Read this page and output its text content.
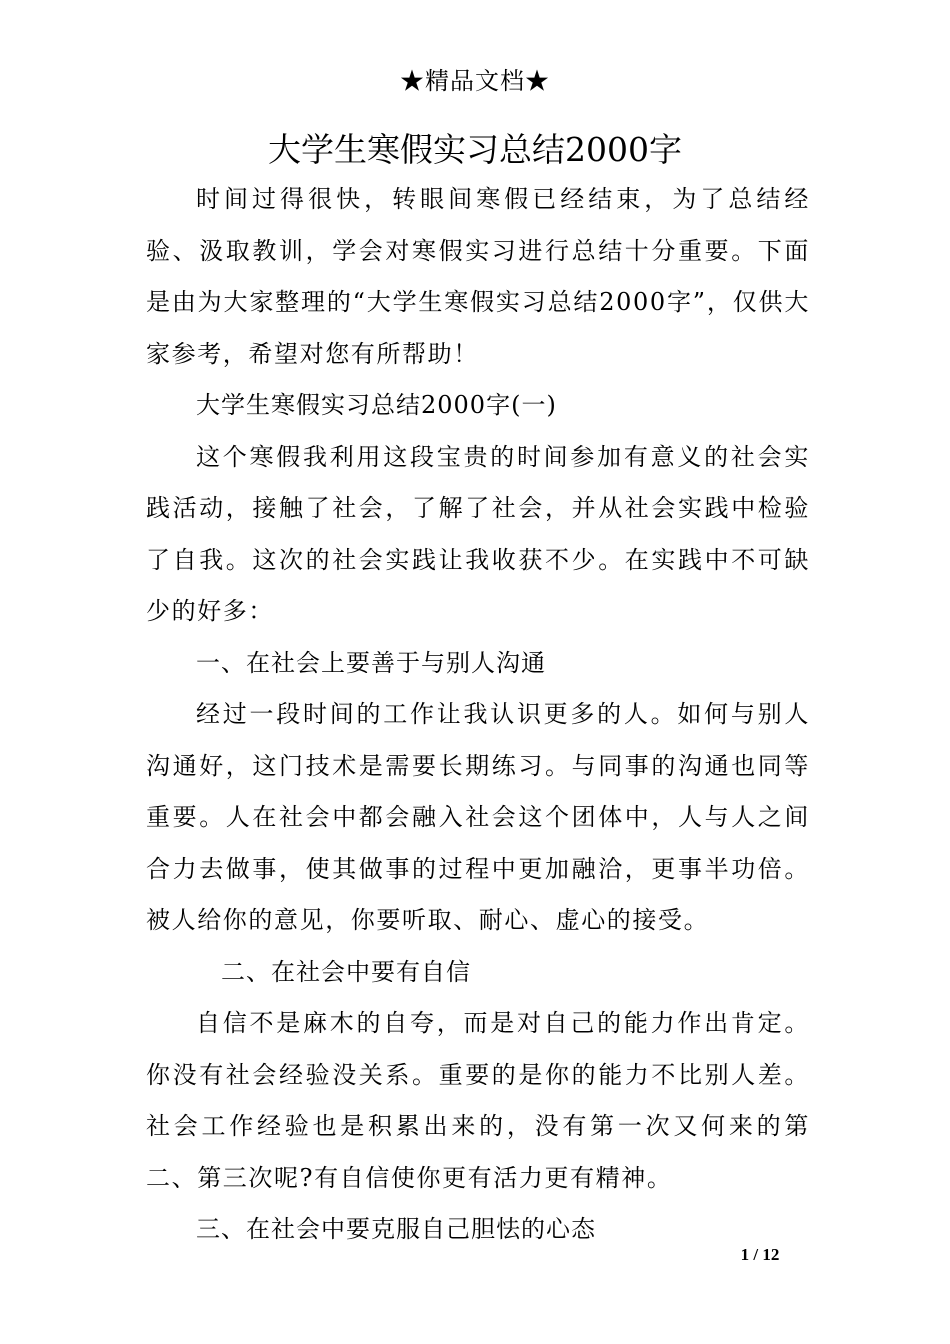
★精品文档★
大学生寒假实习总结2000字

时间过得很快，转眼间寒假已经结束，为了总结经验、汲取教训，学会对寒假实习进行总结十分重要。下面是由为大家整理的“大学生寒假实习总结2000字”，仅供大家参考，希望对您有所帮助！

大学生寒假实习总结2000字(一)

这个寒假我利用这段宝贵的时间参加有意义的社会实践活动，接触了社会，了解了社会，并从社会实践中检验了自我。这次的社会实践让我收获不少。在实践中不可缺少的好多：

一、在社会上要善于与别人沟通

经过一段时间的工作让我认识更多的人。如何与别人沟通好，这门技术是需要长期练习。与同事的沟通也同等重要。人在社会中都会融入社会这个团体中，人与人之间合力去做事，使其做事的过程中更加融洽，更事半功倍。被人给你的意见，你要听取、耐心、虚心的接受。

二、在社会中要有自信

自信不是麻木的自夸，而是对自己的能力作出肯定。你没有社会经验没关系。重要的是你的能力不比别人差。社会工作经验也是积累出来的，没有第一次又何来的第二、第三次呢?有自信使你更有活力更有精神。

三、在社会中要克服自己胆怯的心态

1 / 12
